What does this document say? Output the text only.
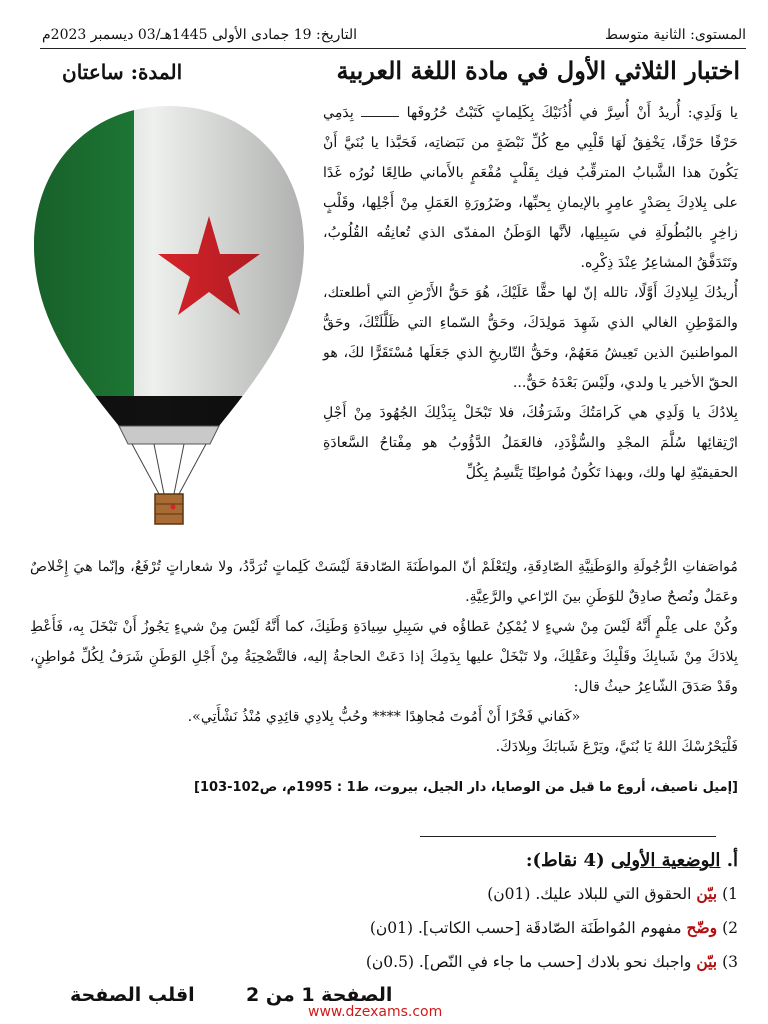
المستوى: الثانية متوسط
التاريخ: 19 جمادى الأولى 1445هـ/03 ديسمبر 2023م
اختبار الثلاثي الأول في مادة اللغة العربية
المدة: ساعتان

يا وَلَدِي: أُريدُ أَنْ أُسِرَّ في أُذُنَيْكَ بِكَلِماتٍ كَتَبْتُ حُرُوفَها  بِدَمِي حَرْفًا حَرْفًا، يَخْفِقُ لَهَا قَلْبِي مع كُلِّ نَبْضَةٍ من نَبَضاتِه، فَحَبَّذا يا بُنَيَّ أَنْ يَكُونَ هذا الشَّبابُ المترقِّبُ فيك بِقَلْبٍ مُفْعَمٍ بالأَماني طالِعًا نُورُه غَدًا على بِلادِكَ بِصَدْرٍ عامِرٍ بالإيمانِ بِحبِّها، وضَرُورَةِ العَمَلِ مِنْ أَجْلِها، وقَلْبٍ زاخِرٍ بالبُطُولَةِ في سَبِيلِها، لأنَّها الوَطَنُ المفدّى الذي تُعانِقُه القُلُوبُ، وتَتَدَفَّقُ المشاعِرُ عِنْدَ ذِكْرِه.

أُريدُكَ لِبِلادِكَ أَوَّلًا، تالله إنّ لها حقًّا عَلَيْكَ، هُوَ حَقُّ الأَرْضِ التي أطلعتك، والمَوْطِنِ الغالي الذي شَهِدَ مَولِدَكَ، وحَقُّ السّماءِ التي ظَلَّلَتْكَ، وحَقُّ المواطنينَ الذين تَعِيشُ مَعَهُمْ، وحَقُّ التّاريخِ الذي جَعَلَها مُسْتَقَرًّا لكَ، هو الحقّ الأخير يا ولدي، ولَيْسَ بَعْدَهُ حَقٌّ...

بِلادُكَ يا وَلَدِي هي كَرامَتُكَ وشَرَفُكَ، فلا تَبْخَلْ بِبَذْلِكَ الجُهُودَ مِنْ أَجْلِ ارْتِقائِها سُلَّمَ المجْدِ والسُّؤْدَدِ، فالعَمَلُ الدَّؤُوبُ هو مِفْتاحُ السَّعادَةِ الحقيقيّةِ لها ولك، وبهذا تَكُونُ مُواطِنًا يَتَّسِمُ بِكُلِّ

مُواصَفاتِ الرُّجُولَةِ والوَطَنِيَّةِ الصّادِقَةِ، ولِتَعْلَمْ أنّ المواطَنَةَ الصّادقةَ لَيْسَتْ كَلِماتٍ تُرَدَّدُ، ولا شعاراتٍ تُرْفَعُ، وإنّما هيَ إِخْلاصٌ وعَمَلٌ ونُصحٌ صادِقٌ للوَطَنِ بينَ الرّاعي والرَّعِيَّةِ.

وكُنْ على عِلْمٍ أَنَّهُ لَيْسَ مِنْ شيءٍ لا يُمْكِنُ عَطاؤُه في سَبِيلِ سِيادَةِ وَطَنِكَ، كما أَنَّهُ لَيْسَ مِنْ شيءٍ يَجُوزُ أَنْ تَبْخَلَ بِه، فَأَعْطِ بِلادَكَ مِنْ شَبابِكَ وقَلْبِكَ وعَقْلِكَ، ولا تَبْخَلْ عليها بِدَمِكَ إذا دَعَتْ الحاجةُ إليه، فالتَّضْحِيَةُ مِنْ أَجْلِ الوَطَنِ شَرَفُ لِكُلِّ مُواطِنٍ، وقَدْ صَدَقَ الشّاعِرُ حيثُ قال:

«كَفاني فَخْرًا أَنْ أَمُوتَ مُجاهِدًا **** وحُبُّ بِلادِي قائِدِي مُنْذُ نَشْأَتِي».

فَلْيَحْرُسْكَ اللهُ يَا بُنَيَّ، ويَرْعَ شَبابَكَ وبِلادَكَ.

[إميل ناصيف، أروع ما قيل من الوصايا، دار الجيل، بيروت، ط1 : 1995م، ص102-103]
أ. الوضعية الأولى (4 نقاط):
1) بيّن الحقوق التي للبلاد عليك. (01ن)
2) وضّح مفهوم المُواطَنَة الصّادقَة [حسب الكاتب]. (01ن)
3) بيّن واجبك نحو بلادك [حسب ما جاء في النّص]. (0.5ن)
الصفحة 1 من 2
اقلب الصفحة
www.dzexams.com
